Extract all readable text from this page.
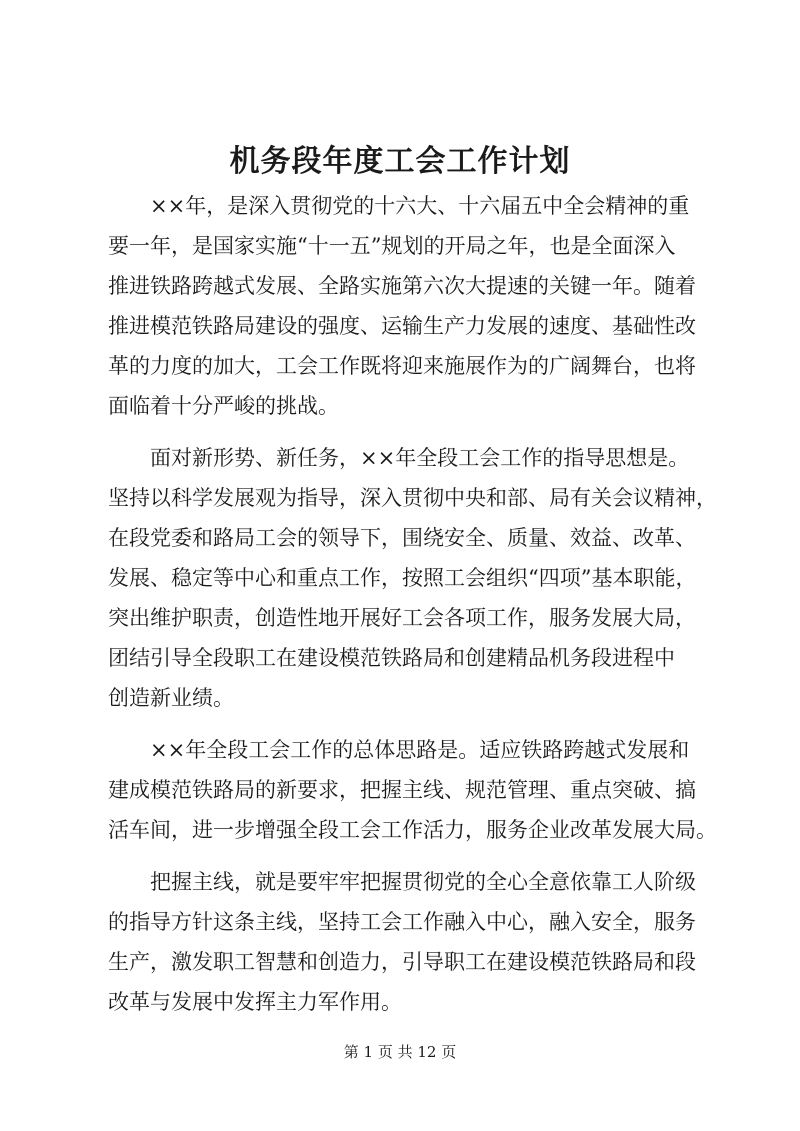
机务段年度工会工作计划

××年，是深入贯彻党的十六大、十六届五中全会精神的重
要一年，是国家实施“十一五”规划的开局之年，也是全面深入
推进铁路跨越式发展、全路实施第六次大提速的关键一年。随着
推进模范铁路局建设的强度、运输生产力发展的速度、基础性改
革的力度的加大，工会工作既将迎来施展作为的广阔舞台，也将
面临着十分严峻的挑战。

面对新形势、新任务，××年全段工会工作的指导思想是。
坚持以科学发展观为指导，深入贯彻中央和部、局有关会议精神，
在段党委和路局工会的领导下，围绕安全、质量、效益、改革、
发展、稳定等中心和重点工作，按照工会组织“四项”基本职能，
突出维护职责，创造性地开展好工会各项工作，服务发展大局，
团结引导全段职工在建设模范铁路局和创建精品机务段进程中
创造新业绩。

××年全段工会工作的总体思路是。适应铁路跨越式发展和
建成模范铁路局的新要求，把握主线、规范管理、重点突破、搞
活车间，进一步增强全段工会工作活力，服务企业改革发展大局。

把握主线，就是要牢牢把握贯彻党的全心全意依靠工人阶级
的指导方针这条主线，坚持工会工作融入中心，融入安全，服务
生产，激发职工智慧和创造力，引导职工在建设模范铁路局和段
改革与发展中发挥主力军作用。

第 1 页 共 12 页
